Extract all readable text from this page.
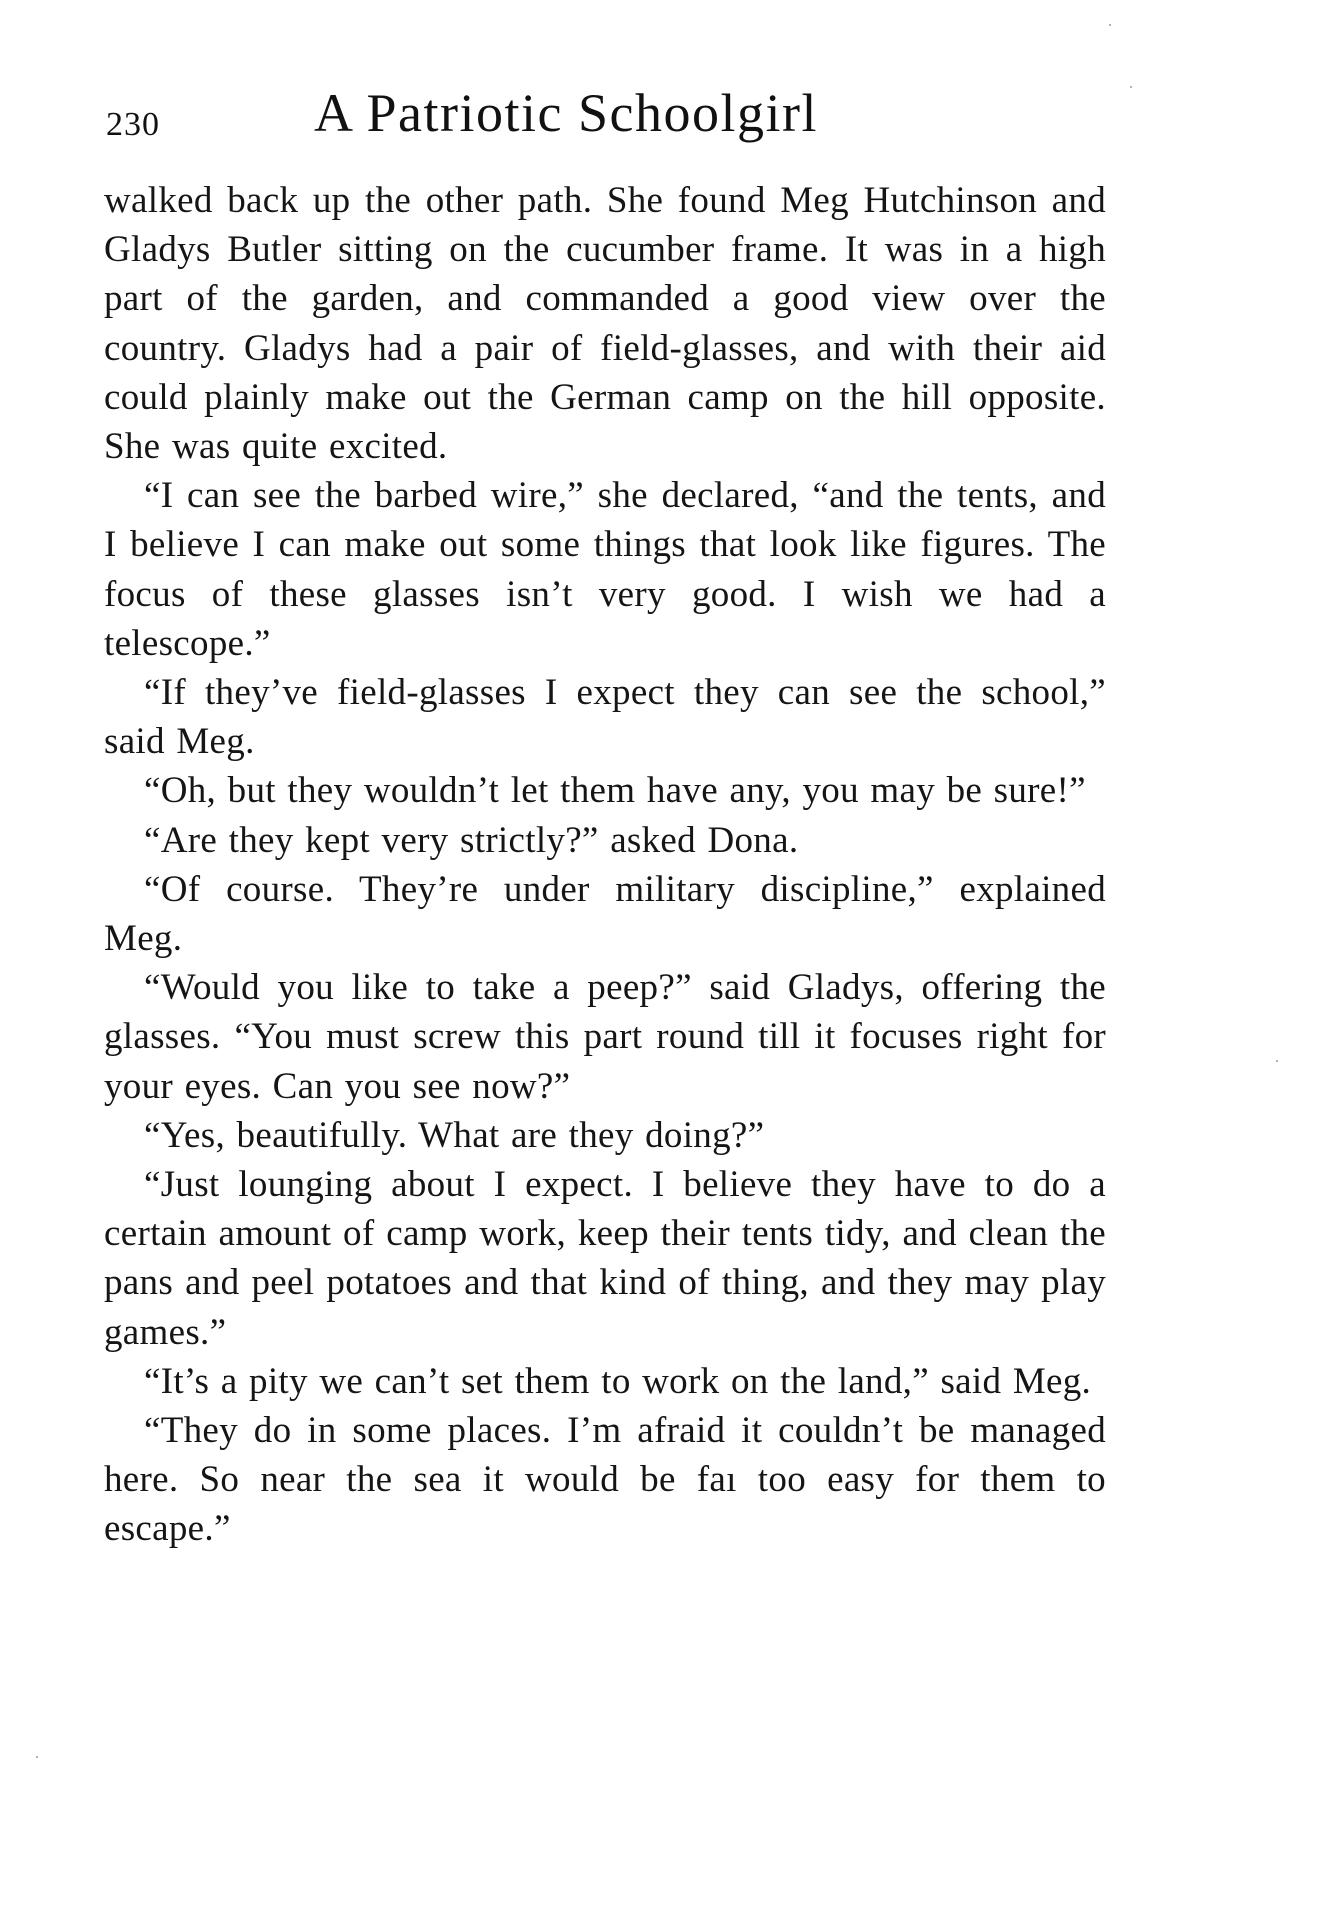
230	A Patriotic Schoolgirl

walked back up the other path. She found Meg Hutchinson and Gladys Butler sitting on the cucumber frame. It was in a high part of the garden, and commanded a good view over the country. Gladys had a pair of field-glasses, and with their aid could plainly make out the German camp on the hill opposite. She was quite excited.

“I can see the barbed wire,” she declared, “and the tents, and I believe I can make out some things that look like figures. The focus of these glasses isn’t very good. I wish we had a telescope.”

“If they’ve field-glasses I expect they can see the school,” said Meg.

“Oh, but they wouldn’t let them have any, you may be sure!”

“Are they kept very strictly?” asked Dona.

“Of course. They’re under military discipline,” explained Meg.

“Would you like to take a peep?” said Gladys, offering the glasses. “You must screw this part round till it focuses right for your eyes. Can you see now?”

“Yes, beautifully. What are they doing?”

“Just lounging about I expect. I believe they have to do a certain amount of camp work, keep their tents tidy, and clean the pans and peel potatoes and that kind of thing, and they may play games.”

“It’s a pity we can’t set them to work on the land,” said Meg.

“They do in some places. I’m afraid it couldn’t be managed here. So near the sea it would be faı too easy for them to escape.”
